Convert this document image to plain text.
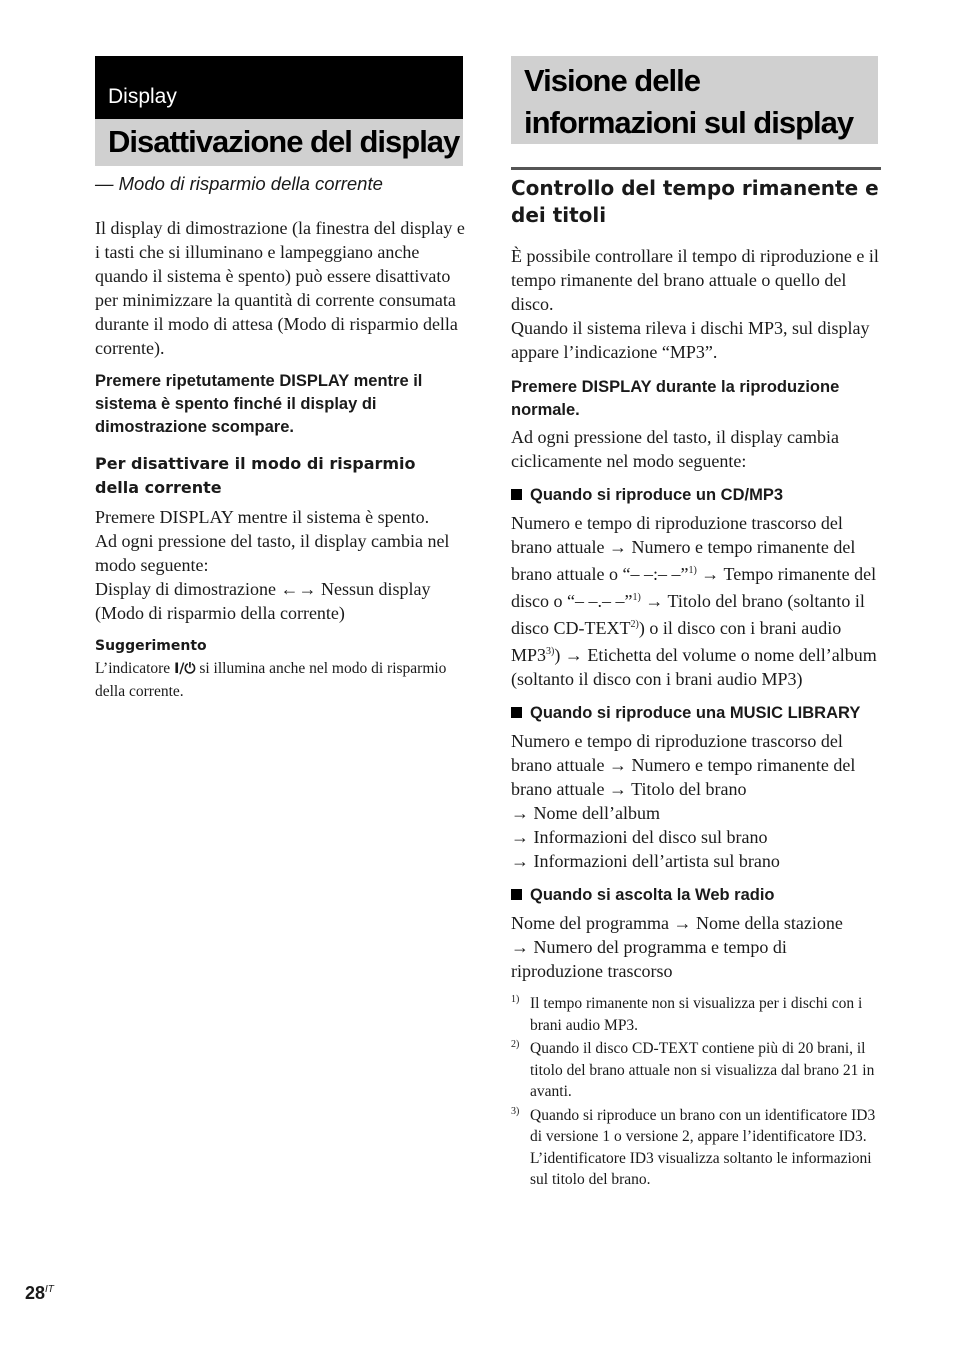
Display
Disattivazione del display

— Modo di risparmio della corrente

Il display di dimostrazione (la finestra del display e i tasti che si illuminano e lampeggiano anche quando il sistema è spento) può essere disattivato per minimizzare la quantità di corrente consumata durante il modo di attesa (Modo di risparmio della corrente).

Premere ripetutamente DISPLAY mentre il sistema è spento finché il display di dimostrazione scompare.

Per disattivare il modo di risparmio della corrente

Premere DISPLAY mentre il sistema è spento.

Ad ogni pressione del tasto, il display cambia nel modo seguente:

Display di dimostrazione ←→ Nessun display (Modo di risparmio della corrente)

Suggerimento

L’indicatore I/⏻ si illumina anche nel modo di risparmio della corrente.

Visione delle informazioni sul display

Controllo del tempo rimanente e dei titoli

È possibile controllare il tempo di riproduzione e il tempo rimanente del brano attuale o quello del disco.

Quando il sistema rileva i dischi MP3, sul display appare l’indicazione “MP3”.

Premere DISPLAY durante la riproduzione normale.

Ad ogni pressione del tasto, il display cambia ciclicamente nel modo seguente:

Quando si riproduce un CD/MP3

Numero e tempo di riproduzione trascorso del brano attuale → Numero e tempo rimanente del brano attuale o “– –:– –”$^{1)}$ → Tempo rimanente del disco o “– –.– –”$^{1)}$ → Titolo del brano (soltanto il disco CD-TEXT$^{2)}$) o il disco con i brani audio $MP3^{3)}$) → Etichetta del volume o nome dell’album (soltanto il disco con i brani audio MP3)

Quando si riproduce una MUSIC LIBRARY

Numero e tempo di riproduzione trascorso del brano attuale → Numero e tempo rimanente del brano attuale → Titolo del brano
→ Nome dell’album
→ Informazioni del disco sul brano
→ Informazioni dell’artista sul brano

Quando si ascolta la Web radio

Nome del programma → Nome della stazione
→ Numero del programma e tempo di riproduzione trascorso

1) Il tempo rimanente non si visualizza per i dischi con i brani audio MP3.

2) Quando il disco CD-TEXT contiene più di 20 brani, il titolo del brano attuale non si visualizza dal brano 21 in avanti.

3) Quando si riproduce un brano con un identificatore ID3 di versione 1 o versione 2, appare l’identificatore ID3. L’identificatore ID3 visualizza soltanto le informazioni sul titolo del brano.

$28^{IT}$
